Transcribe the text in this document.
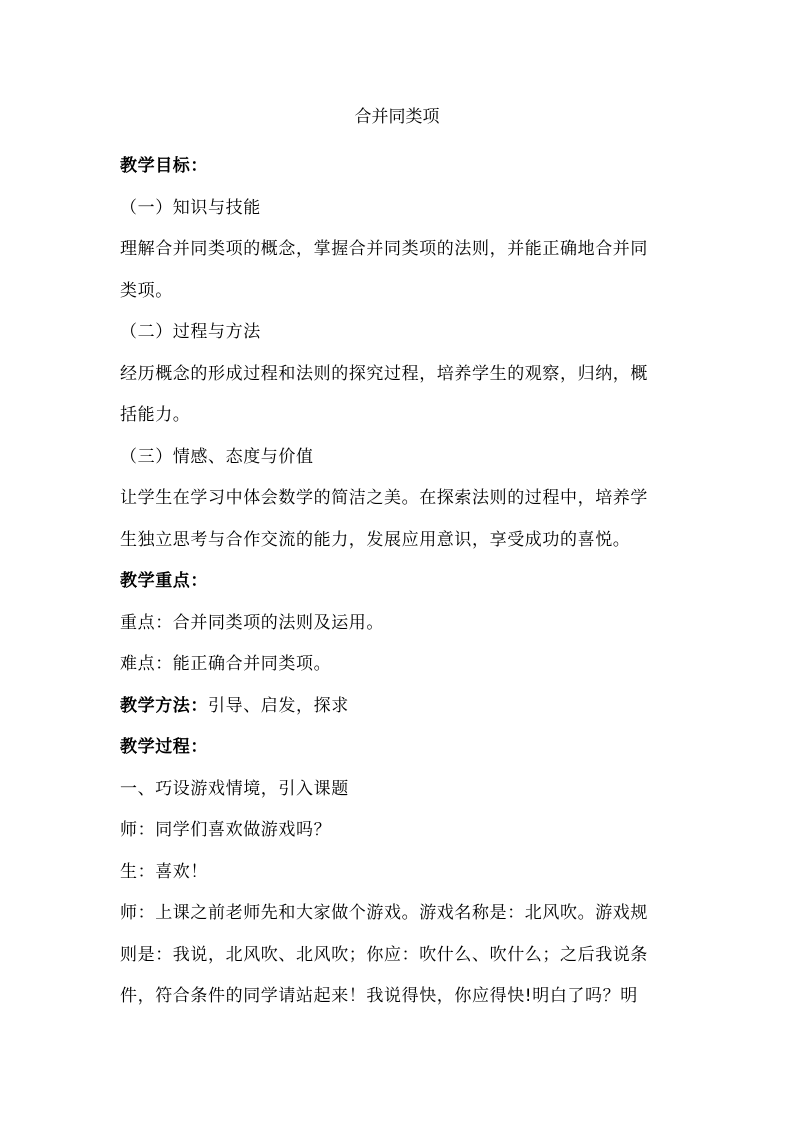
合并同类项
教学目标：
（一）知识与技能
理解合并同类项的概念，掌握合并同类项的法则，并能正确地合并同
类项。
（二）过程与方法
经历概念的形成过程和法则的探究过程，培养学生的观察，归纳，概
括能力。
（三）情感、态度与价值
让学生在学习中体会数学的简洁之美。在探索法则的过程中，培养学
生独立思考与合作交流的能力，发展应用意识，享受成功的喜悦。
教学重点：
重点：合并同类项的法则及运用。
难点：能正确合并同类项。
教学方法：引导、启发，探求
教学过程：
一、巧设游戏情境，引入课题
师：同学们喜欢做游戏吗？
生：喜欢！
师：上课之前老师先和大家做个游戏。游戏名称是：北风吹。游戏规
则是：我说，北风吹、北风吹；你应：吹什么、吹什么；之后我说条
件，符合条件的同学请站起来！我说得快，你应得快!明白了吗？明
